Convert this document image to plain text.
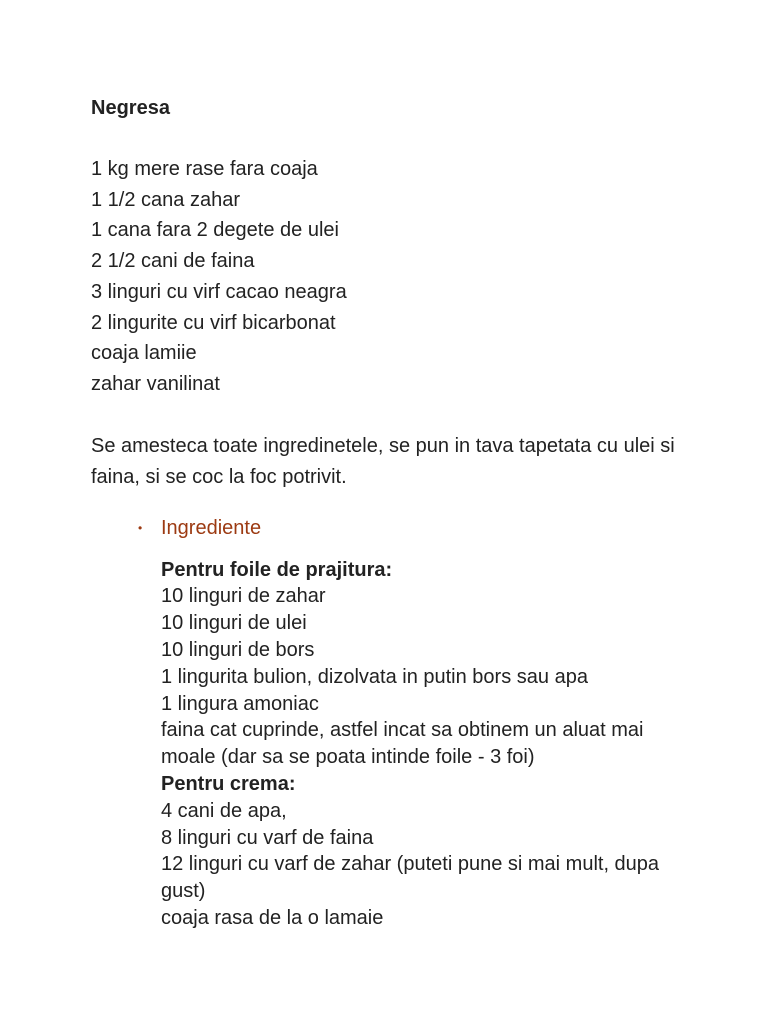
Negresa
1 kg mere rase fara coaja
1 1/2 cana zahar
1 cana fara 2 degete de ulei
2 1/2 cani de faina
3 linguri cu virf cacao neagra
2 lingurite cu virf bicarbonat
coaja lamiie
zahar vanilinat

Se amesteca toate ingredinetele, se pun in tava tapetata cu ulei si faina, si se coc la foc potrivit.

• Ingrediente
Pentru foile de prajitura:
10 linguri de zahar
10 linguri de ulei
10 linguri de bors
1 lingurita bulion, dizolvata in putin bors sau apa
1 lingura amoniac
faina cat cuprinde, astfel incat sa obtinem un aluat mai moale (dar sa se poata intinde foile - 3 foi)
Pentru crema:
4 cani de apa,
8 linguri cu varf de faina
12 linguri cu varf de zahar (puteti pune si mai mult, dupa gust)
coaja rasa de la o lamaie
